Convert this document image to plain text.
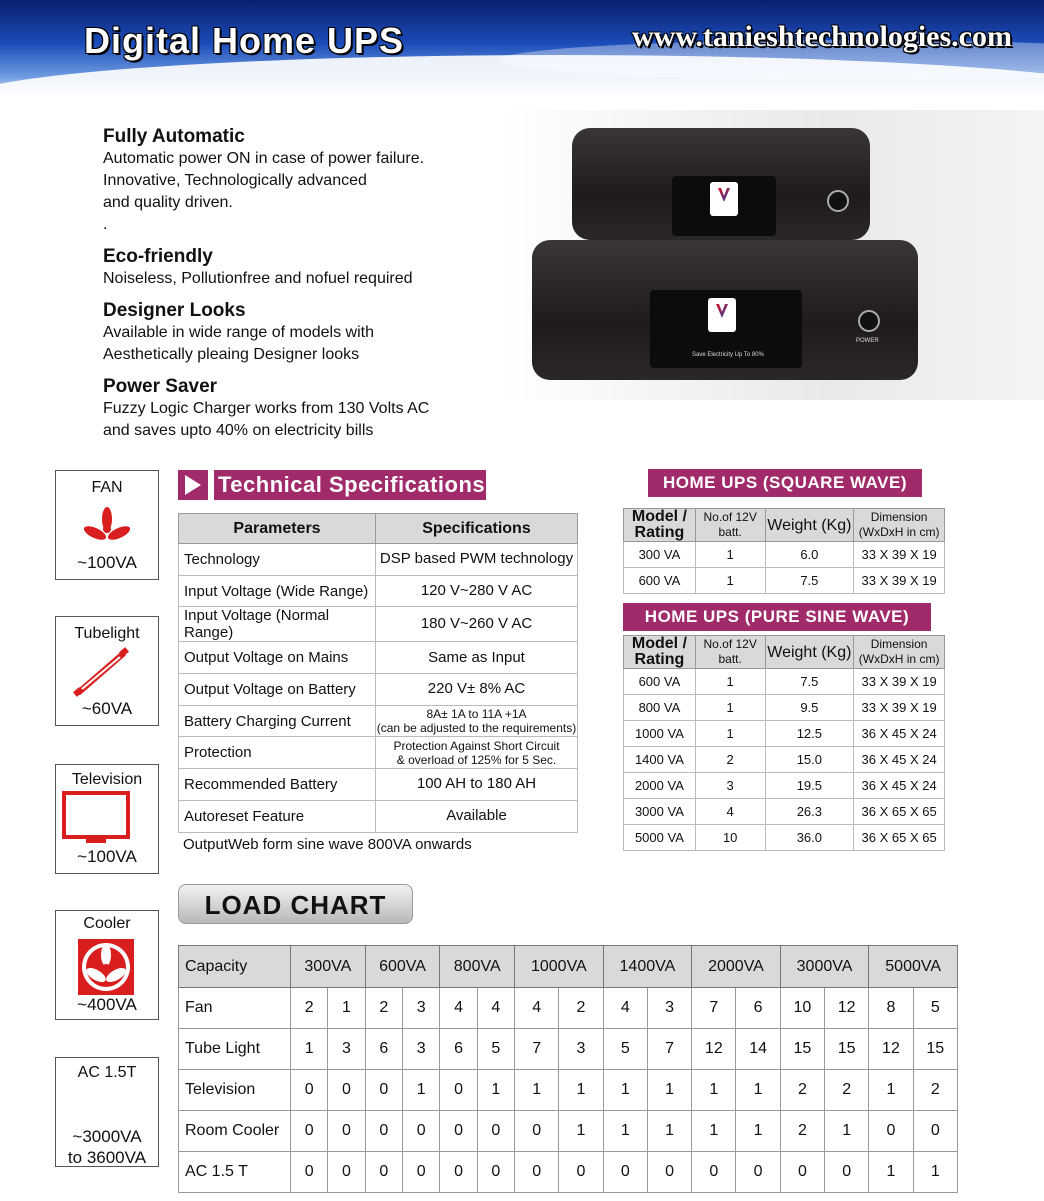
Digital Home UPS	www.tanieshtechnologies.com
Fully Automatic
Automatic power ON in case of power failure.
Innovative, Technologically advanced
and quality driven.
.
Eco-friendly
Noiseless, Pollutionfree and nofuel required
Designer Looks
Available in wide range of models with
Aesthetically pleaing Designer looks
Power Saver
Fuzzy Logic Charger works from 130 Volts AC
and saves upto 40% on electricity bills
Save Electricity Up To 80%
POWER
FAN
~100VA
Tubelight
~60VA
Television
~100VA
Cooler
~400VA
AC 1.5T
~3000VA
to 3600VA
Technical Specifications
Parameters	Specifications
Technology	DSP based PWM technology
Input Voltage (Wide Range)	120 V~280 V AC
Input Voltage (Normal Range)	180 V~260 V AC
Output Voltage on Mains	Same as Input
Output Voltage on Battery	220 V± 8% AC
Battery Charging Current	8A± 1A to 11A +1A
(can be adjusted to the requirements)
Protection	Protection Against Short Circuit
& overload of 125% for 5 Sec.
Recommended Battery	100 AH to 180 AH
Autoreset Feature	Available
OutputWeb form sine wave 800VA onwards
HOME UPS (SQUARE WAVE)
Model / Rating	No.of 12V batt.	Weight (Kg)	Dimension (WxDxH in cm)
300 VA	1	6.0	33 X 39 X 19
600 VA	1	7.5	33 X 39 X 19
HOME UPS (PURE SINE WAVE)
Model / Rating	No.of 12V batt.	Weight (Kg)	Dimension (WxDxH in cm)
600 VA	1	7.5	33 X 39 X 19
800 VA	1	9.5	33 X 39 X 19
1000 VA	1	12.5	36 X 45 X 24
1400 VA	2	15.0	36 X 45 X 24
2000 VA	3	19.5	36 X 45 X 24
3000 VA	4	26.3	36 X 65 X 65
5000 VA	10	36.0	36 X 65 X 65
LOAD CHART
Capacity	300VA		600VA		800VA		1000VA		1400VA		2000VA		3000VA		5000VA	
Fan	2	1	2	3	4	4	4	2	4	3	7	6	10	12	8	5
Tube Light	1	3	6	3	6	5	7	3	5	7	12	14	15	15	12	15
Television	0	0	0	1	0	1	1	1	1	1	1	1	2	2	1	2
Room Cooler	0	0	0	0	0	0	0	1	1	1	1	1	2	1	0	0
AC 1.5 T	0	0	0	0	0	0	0	0	0	0	0	0	0	0	1	1
